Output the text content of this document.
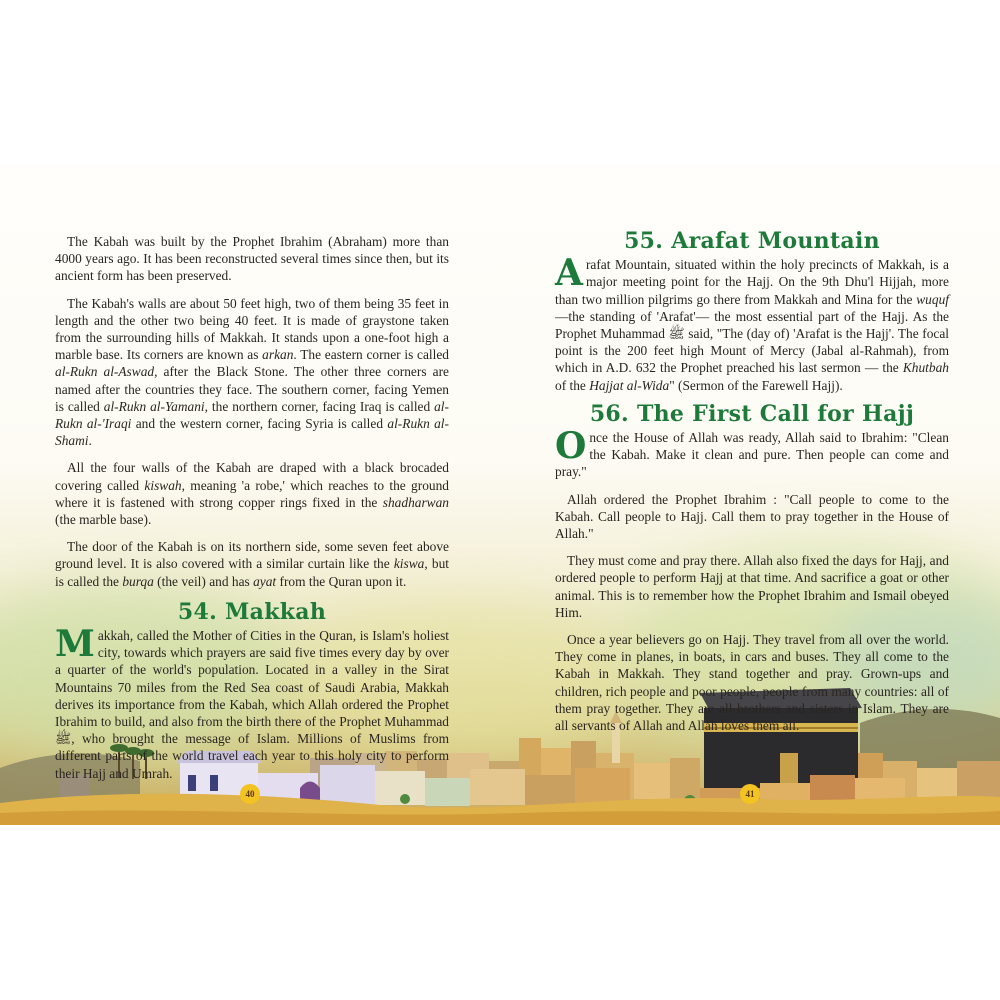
40	41

The Kabah was built by the Prophet Ibrahim (Abraham) more than 4000 years ago. It has been reconstructed several times since then, but its ancient form has been preserved.

The Kabah's walls are about 50 feet high, two of them being 35 feet in length and the other two being 40 feet. It is made of graystone taken from the surrounding hills of Makkah. It stands upon a one-foot high a marble base. Its corners are known as arkan. The eastern corner is called al-Rukn al-Aswad, after the Black Stone. The other three corners are named after the countries they face. The southern corner, facing Yemen is called al-Rukn al-Yamani, the northern corner, facing Iraq is called al-Rukn al-'Iraqi and the western corner, facing Syria is called al-Rukn al-Shami.

All the four walls of the Kabah are draped with a black brocaded covering called kiswah, meaning 'a robe,' which reaches to the ground where it is fastened with strong copper rings fixed in the shadharwan (the marble base).

The door of the Kabah is on its northern side, some seven feet above ground level. It is also covered with a similar curtain like the kiswa, but is called the burqa (the veil) and has ayat from the Quran upon it.

54. Makkah

Makkah, called the Mother of Cities in the Quran, is Islam's holiest city, towards which prayers are said five times every day by over a quarter of the world's population. Located in a valley in the Sirat Mountains 70 miles from the Red Sea coast of Saudi Arabia, Makkah derives its importance from the Kabah, which Allah ordered the Prophet Ibrahim to build, and also from the birth there of the Prophet Muhammad ﷺ, who brought the message of Islam. Millions of Muslims from different parts of the world travel each year to this holy city to perform their Hajj and Umrah.

55. Arafat Mountain

Arafat Mountain, situated within the holy precincts of Makkah, is a major meeting point for the Hajj. On the 9th Dhu'l Hijjah, more than two million pilgrims go there from Makkah and Mina for the wuquf—the standing of 'Arafat'— the most essential part of the Hajj. As the Prophet Muhammad ﷺ said, "The (day of) 'Arafat is the Hajj'. The focal point is the 200 feet high Mount of Mercy (Jabal al-Rahmah), from which in A.D. 632 the Prophet preached his last sermon — the Khutbah of the Hajjat al-Wida" (Sermon of the Farewell Hajj).

56. The First Call for Hajj

Once the House of Allah was ready, Allah said to Ibrahim: "Clean the Kabah. Make it clean and pure. Then people can come and pray."

Allah ordered the Prophet Ibrahim : "Call people to come to the Kabah. Call people to Hajj. Call them to pray together in the House of Allah."

They must come and pray there. Allah also fixed the days for Hajj, and ordered people to perform Hajj at that time. And sacrifice a goat or other animal. This is to remember how the Prophet Ibrahim and Ismail obeyed Him.

Once a year believers go on Hajj. They travel from all over the world. They come in planes, in boats, in cars and buses. They all come to the Kabah in Makkah. They stand together and pray. Grown-ups and children, rich people and poor people, people from many countries: all of them pray together. They are all brothers and sisters in Islam. They are all servants of Allah and Allah loves them all.
